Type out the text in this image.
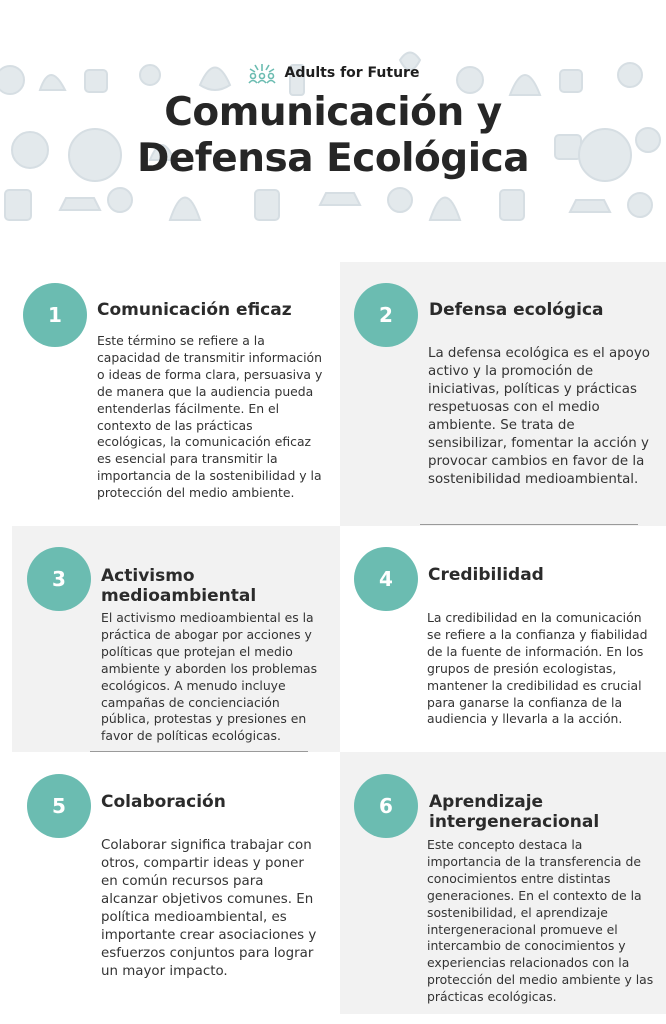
Adults for Future
Comunicación y
Defensa Ecológica
1	Comunicación eficaz
Este término se refiere a la capacidad de transmitir información o ideas de forma clara, persuasiva y de manera que la audiencia pueda entenderlas fácilmente. En el contexto de las prácticas ecológicas, la comunicación eficaz es esencial para transmitir la importancia de la sostenibilidad y la protección del medio ambiente.
2	Defensa ecológica
La defensa ecológica es el apoyo activo y la promoción de iniciativas, políticas y prácticas respetuosas con el medio ambiente. Se trata de sensibilizar, fomentar la acción y provocar cambios en favor de la sostenibilidad medioambiental.
3	Activismo medioambiental
El activismo medioambiental es la práctica de abogar por acciones y políticas que protejan el medio ambiente y aborden los problemas ecológicos. A menudo incluye campañas de concienciación pública, protestas y presiones en favor de políticas ecológicas.
4	Credibilidad
La credibilidad en la comunicación se refiere a la confianza y fiabilidad de la fuente de información. En los grupos de presión ecologistas, mantener la credibilidad es crucial para ganarse la confianza de la audiencia y llevarla a la acción.
5	Colaboración
Colaborar significa trabajar con otros, compartir ideas y poner en común recursos para alcanzar objetivos comunes. En política medioambiental, es importante crear asociaciones y esfuerzos conjuntos para lograr un mayor impacto.
6	Aprendizaje intergeneracional
Este concepto destaca la importancia de la transferencia de conocimientos entre distintas generaciones. En el contexto de la sostenibilidad, el aprendizaje intergeneracional promueve el intercambio de conocimientos y experiencias relacionados con la protección del medio ambiente y las prácticas ecológicas.
